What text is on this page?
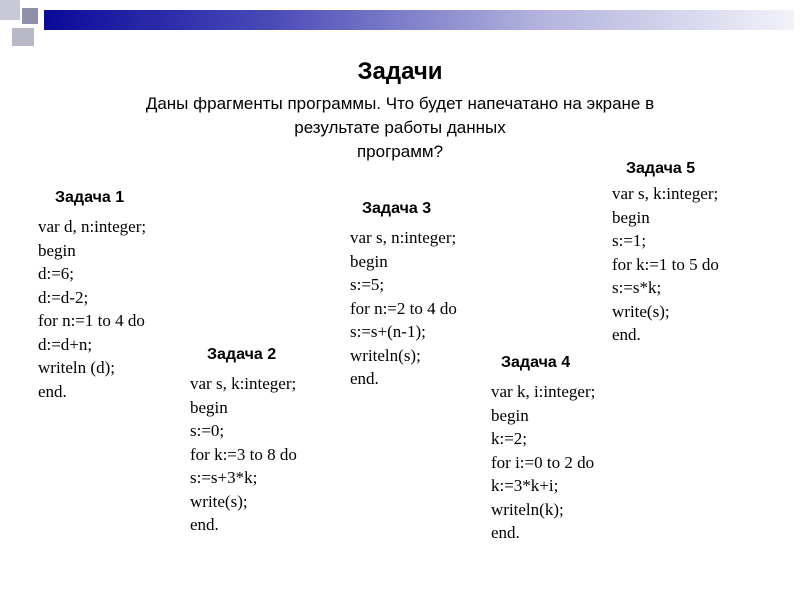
Задачи
Даны фрагменты программы. Что будет напечатано на экране в
результате работы данных
программ?
Задача 1
var d, n:integer;
begin
d:=6;
d:=d-2;
for n:=1 to 4 do
d:=d+n;
writeln (d);
end.
Задача 2
var s, k:integer;
begin
s:=0;
for k:=3 to 8 do
s:=s+3*k;
write(s);
end.
Задача 3
var s, n:integer;
begin
s:=5;
for n:=2 to 4 do
s:=s+(n-1);
writeln(s);
end.
Задача 4
var k, i:integer;
begin
k:=2;
for i:=0 to 2 do
k:=3*k+i;
writeln(k);
end.
Задача 5
var s, k:integer;
begin
s:=1;
for k:=1 to 5 do
s:=s*k;
write(s);
end.
